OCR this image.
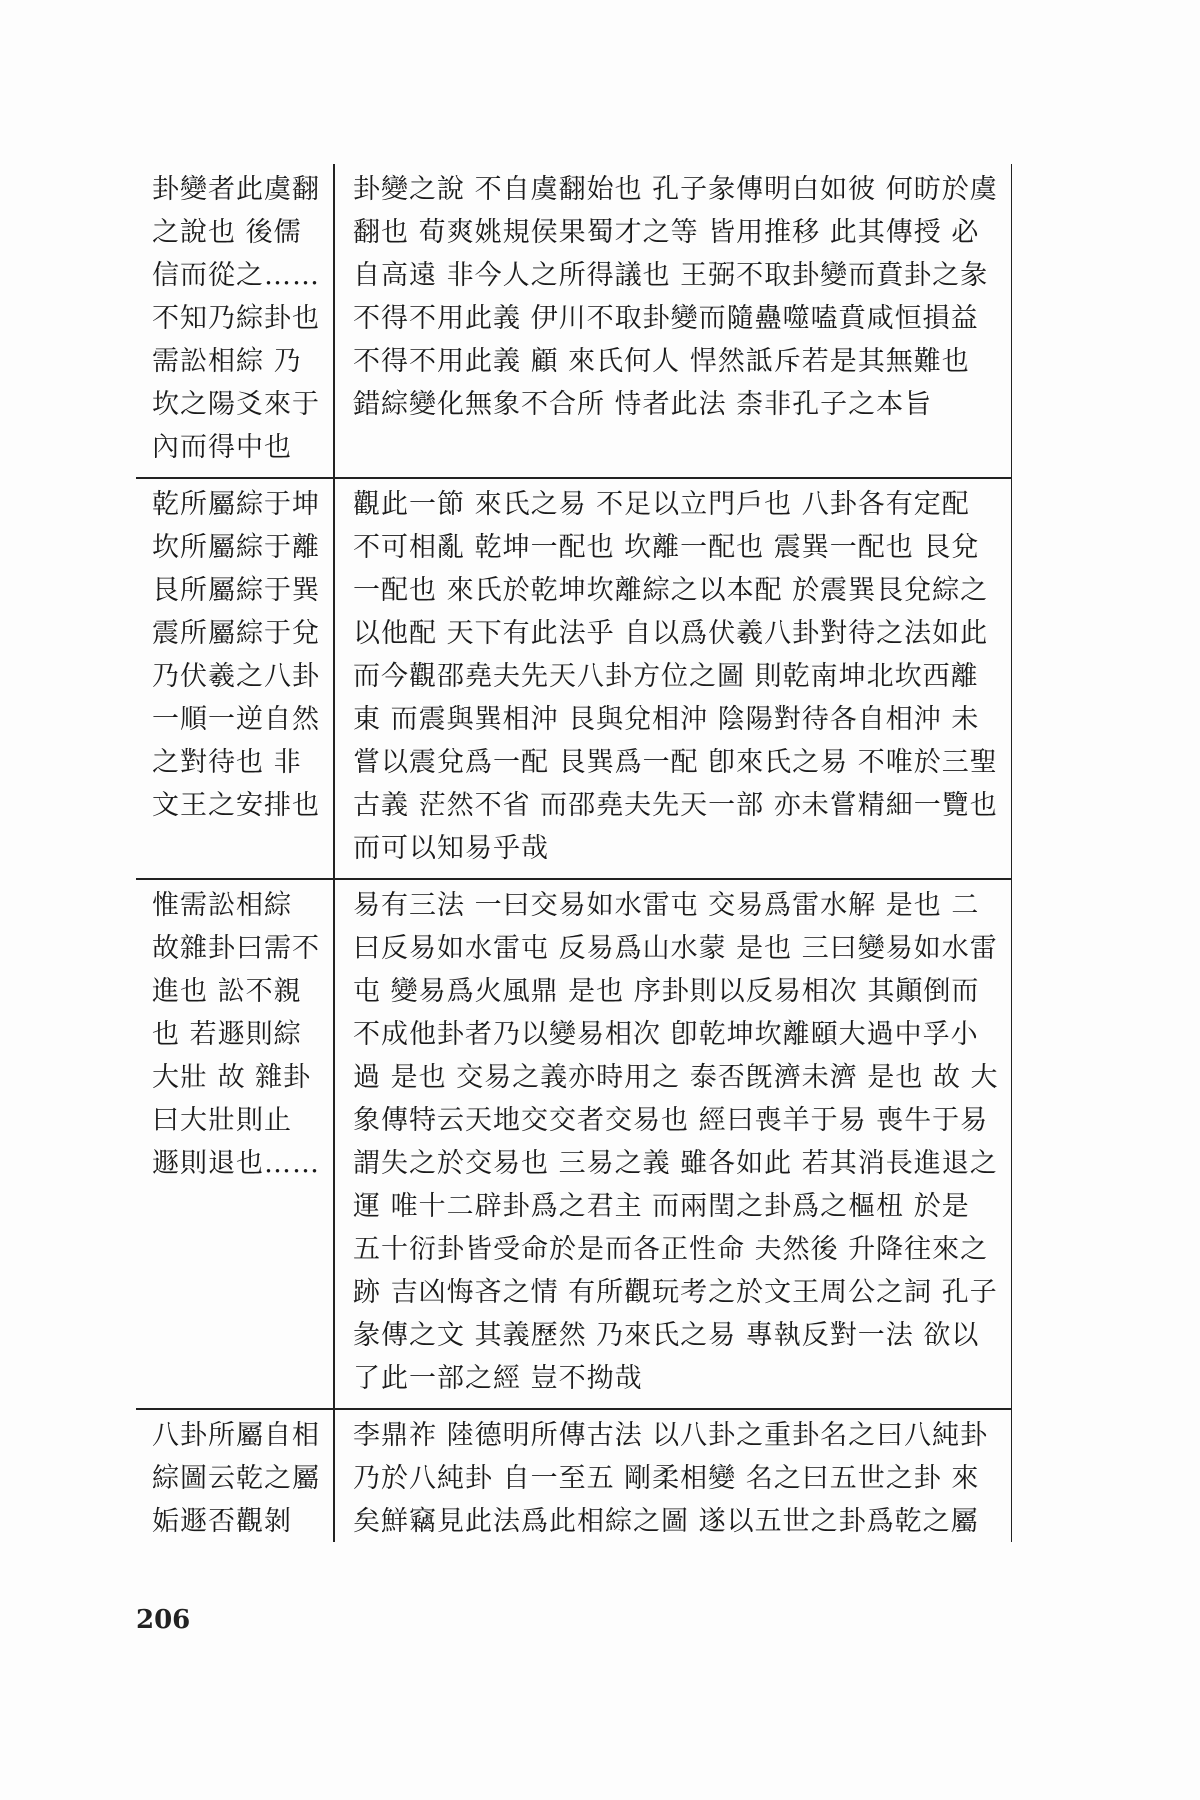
卦變者此虞翻之說也 後儒信而從之……不知乃綜卦也 需訟相綜 乃坎之陽爻來于內而得中也	卦變之說 不自虞翻始也 孔子彖傳明白如彼 何昉於虞翻也 荀爽姚規侯果蜀才之等 皆用推移 此其傳授 必自高遠 非今人之所得議也 王弼不取卦變而賁卦之彖 不得不用此義 伊川不取卦變而隨蠱噬嗑賁咸恒損益 不得不用此義 顧 來氏何人 悍然詆斥若是其無難也 錯綜變化無象不合所 恃者此法 柰非孔子之本旨
乾所屬綜于坤坎所屬綜于離艮所屬綜于巽震所屬綜于兌乃伏羲之八卦一順一逆自然之對待也 非文王之安排也	觀此一節 來氏之易 不足以立門戶也 八卦各有定配 不可相亂 乾坤一配也 坎離一配也 震巽一配也 艮兌一配也 來氏於乾坤坎離綜之以本配 於震巽艮兌綜之以他配 天下有此法乎 自以爲伏羲八卦對待之法如此 而今觀邵堯夫先天八卦方位之圖 則乾南坤北坎西離東 而震與巽相沖 艮與兌相沖 陰陽對待各自相沖 未嘗以震兌爲一配 艮巽爲一配 卽來氏之易 不唯於三聖古義 茫然不省 而邵堯夫先天一部 亦未嘗精細一覽也 而可以知易乎哉
惟需訟相綜 故雜卦曰需不進也 訟不親也 若遯則綜大壯 故 雜卦曰大壯則止 遯則退也……	易有三法 一曰交易如水雷屯 交易爲雷水解 是也 二曰反易如水雷屯 反易爲山水蒙 是也 三曰變易如水雷屯 變易爲火風鼎 是也 序卦則以反易相次 其顚倒而不成他卦者乃以變易相次 卽乾坤坎離頤大過中孚小過 是也 交易之義亦時用之 泰否旣濟未濟 是也 故 大象傳特云天地交交者交易也 經曰喪羊于易 喪牛于易 謂失之於交易也 三易之義 雖各如此 若其消長進退之運 唯十二辟卦爲之君主 而兩閏之卦爲之樞杻 於是 五十衍卦皆受命於是而各正性命 夫然後 升降往來之跡 吉凶悔吝之情 有所觀玩考之於文王周公之詞 孔子彖傳之文 其義歷然 乃來氏之易 專執反對一法 欲以了此一部之經 豈不拗哉
八卦所屬自相綜圖云乾之屬姤遯否觀剝	李鼎祚 陸德明所傳古法 以八卦之重卦名之曰八純卦乃於八純卦 自一至五 剛柔相變 名之曰五世之卦 來矣鮮竊見此法爲此相綜之圖 遂以五世之卦爲乾之屬
206
